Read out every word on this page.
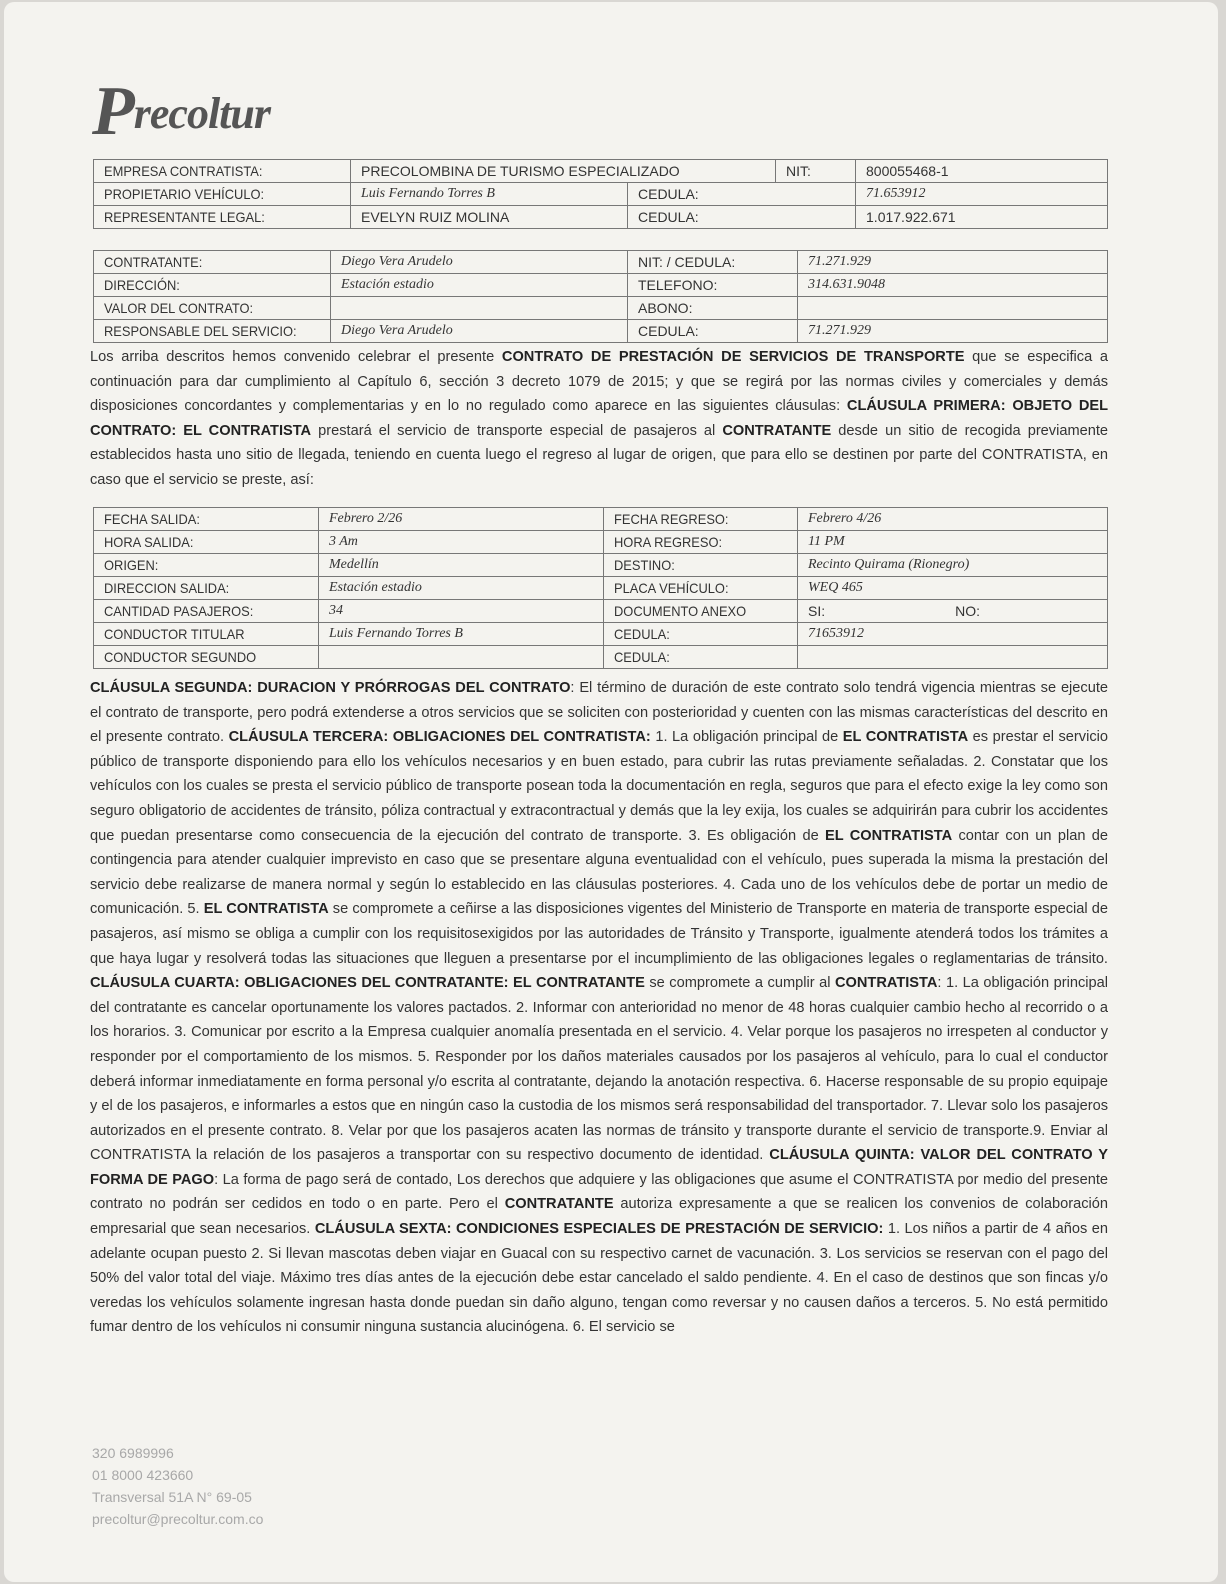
Precoltur
EMPRESA CONTRATISTA:	PRECOLOMBINA DE TURISMO ESPECIALIZADO		NIT:	800055468-1
PROPIETARIO VEHÍCULO:	Luis Fernando Torres B	CEDULA:		71.653912
REPRESENTANTE LEGAL:	EVELYN RUIZ MOLINA	CEDULA:		1.017.922.671
CONTRATANTE:	Diego Vera Arudelo	NIT: / CEDULA:	71.271.929
DIRECCIÓN:	Estación estadio	TELEFONO:	314.631.9048
VALOR DEL CONTRATO:		ABONO:	
RESPONSABLE DEL SERVICIO:	Diego Vera Arudelo	CEDULA:	71.271.929
Los arriba descritos hemos convenido celebrar el presente CONTRATO DE PRESTACIÓN DE SERVICIOS DE TRANSPORTE que se especifica a continuación para dar cumplimiento al Capítulo 6, sección 3 decreto 1079 de 2015; y que se regirá por las normas civiles y comerciales y demás disposiciones concordantes y complementarias y en lo no regulado como aparece en las siguientes cláusulas: CLÁUSULA PRIMERA: OBJETO DEL CONTRATO: EL CONTRATISTA prestará el servicio de transporte especial de pasajeros al CONTRATANTE desde un sitio de recogida previamente establecidos hasta uno sitio de llegada, teniendo en cuenta luego el regreso al lugar de origen, que para ello se destinen por parte del CONTRATISTA, en caso que el servicio se preste, así:
FECHA SALIDA:	Febrero 2/26	FECHA REGRESO:	Febrero 4/26
HORA SALIDA:	3 Am	HORA REGRESO:	11 PM
ORIGEN:	Medellín	DESTINO:	Recinto Quirama (Rionegro)
DIRECCION SALIDA:	Estación estadio	PLACA VEHÍCULO:	WEQ 465
CANTIDAD PASAJEROS:	34	DOCUMENTO ANEXO	SI: NO:
CONDUCTOR TITULAR	Luis Fernando Torres B	CEDULA:	71653912
CONDUCTOR SEGUNDO		CEDULA:	
CLÁUSULA SEGUNDA: DURACION Y PRÓRROGAS DEL CONTRATO: El término de duración de este contrato solo tendrá vigencia mientras se ejecute el contrato de transporte, pero podrá extenderse a otros servicios que se soliciten con posterioridad y cuenten con las mismas características del descrito en el presente contrato. CLÁUSULA TERCERA: OBLIGACIONES DEL CONTRATISTA: 1. La obligación principal de EL CONTRATISTA es prestar el servicio público de transporte disponiendo para ello los vehículos necesarios y en buen estado, para cubrir las rutas previamente señaladas. 2. Constatar que los vehículos con los cuales se presta el servicio público de transporte posean toda la documentación en regla, seguros que para el efecto exige la ley como son seguro obligatorio de accidentes de tránsito, póliza contractual y extracontractual y demás que la ley exija, los cuales se adquirirán para cubrir los accidentes que puedan presentarse como consecuencia de la ejecución del contrato de transporte. 3. Es obligación de EL CONTRATISTA contar con un plan de contingencia para atender cualquier imprevisto en caso que se presentare alguna eventualidad con el vehículo, pues superada la misma la prestación del servicio debe realizarse de manera normal y según lo establecido en las cláusulas posteriores. 4. Cada uno de los vehículos debe de portar un medio de comunicación. 5. EL CONTRATISTA se compromete a ceñirse a las disposiciones vigentes del Ministerio de Transporte en materia de transporte especial de pasajeros, así mismo se obliga a cumplir con los requisitosexigidos por las autoridades de Tránsito y Transporte, igualmente atenderá todos los trámites a que haya lugar y resolverá todas las situaciones que lleguen a presentarse por el incumplimiento de las obligaciones legales o reglamentarias de tránsito. CLÁUSULA CUARTA: OBLIGACIONES DEL CONTRATANTE: EL CONTRATANTE se compromete a cumplir al CONTRATISTA: 1. La obligación principal del contratante es cancelar oportunamente los valores pactados. 2. Informar con anterioridad no menor de 48 horas cualquier cambio hecho al recorrido o a los horarios. 3. Comunicar por escrito a la Empresa cualquier anomalía presentada en el servicio. 4. Velar porque los pasajeros no irrespeten al conductor y responder por el comportamiento de los mismos. 5. Responder por los daños materiales causados por los pasajeros al vehículo, para lo cual el conductor deberá informar inmediatamente en forma personal y/o escrita al contratante, dejando la anotación respectiva. 6. Hacerse responsable de su propio equipaje y el de los pasajeros, e informarles a estos que en ningún caso la custodia de los mismos será responsabilidad del transportador. 7. Llevar solo los pasajeros autorizados en el presente contrato. 8. Velar por que los pasajeros acaten las normas de tránsito y transporte durante el servicio de transporte.9. Enviar al CONTRATISTA la relación de los pasajeros a transportar con su respectivo documento de identidad. CLÁUSULA QUINTA: VALOR DEL CONTRATO Y FORMA DE PAGO: La forma de pago será de contado, Los derechos que adquiere y las obligaciones que asume el CONTRATISTA por medio del presente contrato no podrán ser cedidos en todo o en parte. Pero el CONTRATANTE autoriza expresamente a que se realicen los convenios de colaboración empresarial que sean necesarios. CLÁUSULA SEXTA: CONDICIONES ESPECIALES DE PRESTACIÓN DE SERVICIO: 1. Los niños a partir de 4 años en adelante ocupan puesto 2. Si llevan mascotas deben viajar en Guacal con su respectivo carnet de vacunación. 3. Los servicios se reservan con el pago del 50% del valor total del viaje. Máximo tres días antes de la ejecución debe estar cancelado el saldo pendiente. 4. En el caso de destinos que son fincas y/o veredas los vehículos solamente ingresan hasta donde puedan sin daño alguno, tengan como reversar y no causen daños a terceros. 5. No está permitido fumar dentro de los vehículos ni consumir ninguna sustancia alucinógena. 6. El servicio se
320 6989996
01 8000 423660
Transversal 51A N° 69-05
precoltur@precoltur.com.co
